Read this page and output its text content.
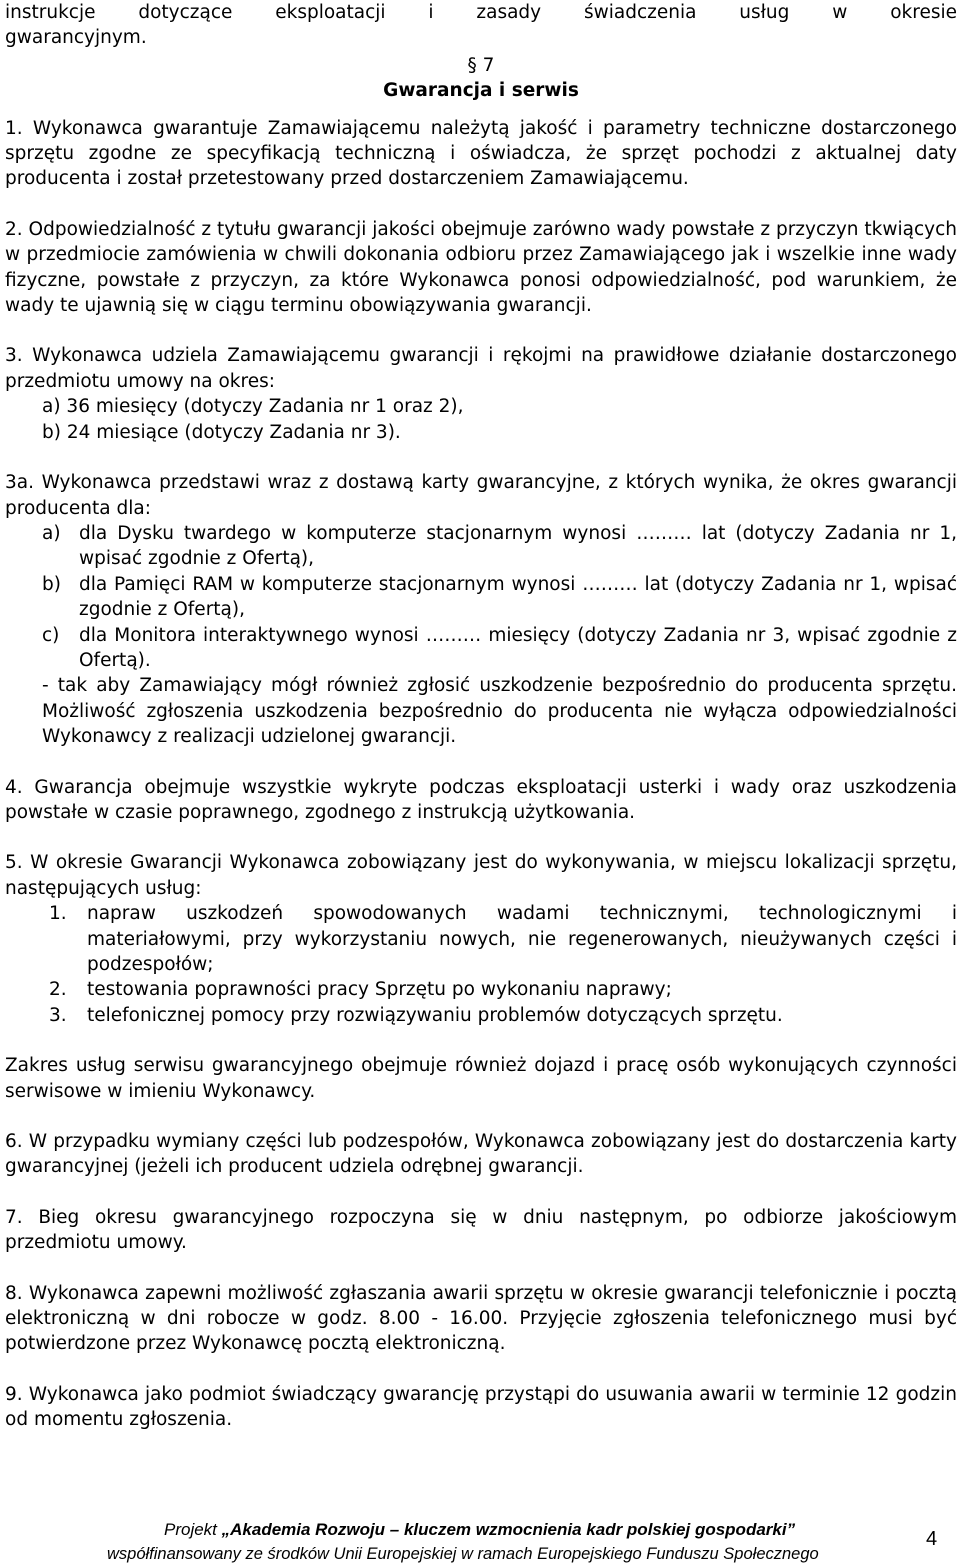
instrukcje dotyczące eksploatacji i zasady świadczenia usług w okresie

gwarancyjnym.

§ 7
Gwarancja i serwis

1. Wykonawca gwarantuje Zamawiającemu należytą jakość i parametry techniczne dostarczonego sprzętu zgodne ze specyfikacją techniczną i oświadcza, że sprzęt pochodzi z aktualnej daty producenta i został przetestowany przed dostarczeniem Zamawiającemu.

2. Odpowiedzialność z tytułu gwarancji jakości obejmuje zarówno wady powstałe z przyczyn tkwiących w przedmiocie zamówienia w chwili dokonania odbioru przez Zamawiającego jak i wszelkie inne wady fizyczne, powstałe z przyczyn, za które Wykonawca ponosi odpowiedzialność, pod warunkiem, że wady te ujawnią się w ciągu terminu obowiązywania gwarancji.

3. Wykonawca udziela Zamawiającemu gwarancji i rękojmi na prawidłowe działanie dostarczonego przedmiotu umowy na okres:

a) 36 miesięcy (dotyczy Zadania nr 1 oraz 2),

b) 24 miesiące (dotyczy Zadania nr 3).

3a. Wykonawca przedstawi wraz z dostawą karty gwarancyjne, z których wynika, że okres gwarancji producenta dla:

a) dla Dysku twardego w komputerze stacjonarnym wynosi ……… lat (dotyczy Zadania nr 1, wpisać zgodnie z Ofertą),
b) dla Pamięci RAM w komputerze stacjonarnym wynosi ……… lat (dotyczy Zadania nr 1, wpisać zgodnie z Ofertą),
c) dla Monitora interaktywnego wynosi ……… miesięcy (dotyczy Zadania nr 3, wpisać zgodnie z Ofertą).

- tak aby Zamawiający mógł również zgłosić uszkodzenie bezpośrednio do producenta sprzętu. Możliwość zgłoszenia uszkodzenia bezpośrednio do producenta nie wyłącza odpowiedzialności Wykonawcy z realizacji udzielonej gwarancji.

4. Gwarancja obejmuje wszystkie wykryte podczas eksploatacji usterki i wady oraz uszkodzenia powstałe w czasie poprawnego, zgodnego z instrukcją użytkowania.

5. W okresie Gwarancji Wykonawca zobowiązany jest do wykonywania, w miejscu lokalizacji sprzętu, następujących usług:

1. napraw uszkodzeń spowodowanych wadami technicznymi, technologicznymi i materiałowymi, przy wykorzystaniu nowych, nie regenerowanych, nieużywanych części i podzespołów;
2. testowania poprawności pracy Sprzętu po wykonaniu naprawy;
3. telefonicznej pomocy przy rozwiązywaniu problemów dotyczących sprzętu.

Zakres usług serwisu gwarancyjnego obejmuje również dojazd i pracę osób wykonujących czynności serwisowe w imieniu Wykonawcy.

6. W przypadku wymiany części lub podzespołów, Wykonawca zobowiązany jest do dostarczenia karty gwarancyjnej (jeżeli ich producent udziela odrębnej gwarancji.

7. Bieg okresu gwarancyjnego rozpoczyna się w dniu następnym, po odbiorze jakościowym przedmiotu umowy.

8. Wykonawca zapewni możliwość zgłaszania awarii sprzętu w okresie gwarancji telefonicznie i pocztą elektroniczną w dni robocze w godz. 8.00 - 16.00. Przyjęcie zgłoszenia telefonicznego musi być potwierdzone przez Wykonawcę pocztą elektroniczną.

9. Wykonawca jako podmiot świadczący gwarancję przystąpi do usuwania awarii w terminie 12 godzin od momentu zgłoszenia.

Projekt „Akademia Rozwoju – kluczem wzmocnienia kadr polskiej gospodarki”
współfinansowany ze środków Unii Europejskiej w ramach Europejskiego Funduszu Społecznego
4
